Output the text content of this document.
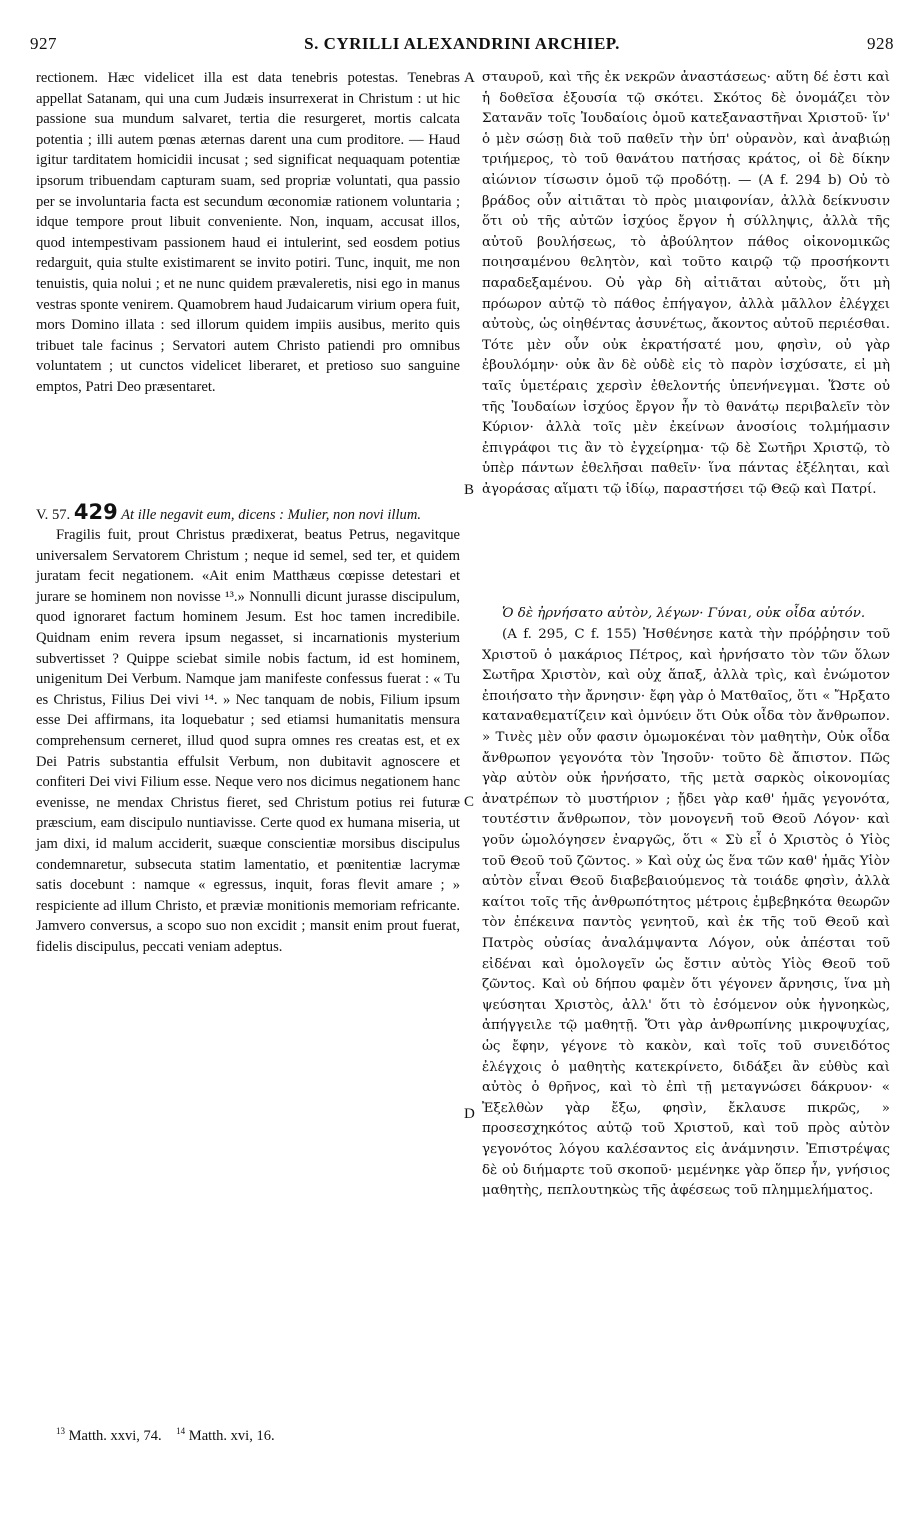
927	S. CYRILLI ALEXANDRINI ARCHIEP.	928
A
B
C
D

rectionem. Hæc videlicet illa est data tenebris potestas. Tenebras appellat Satanam, qui una cum Judæis insurrexerat in Christum : ut hic passione sua mundum salvaret, tertia die resurgeret, mortis calcata potentia ; illi autem pœnas æternas darent una cum proditore. — Haud igitur tarditatem homicidii incusat ; sed significat nequaquam potentiæ ipsorum tribuendam capturam suam, sed propriæ voluntati, qua passio per se involuntaria facta est secundum œconomiæ rationem voluntaria ; idque tempore prout libuit conveniente. Non, inquam, accusat illos, quod intempestivam passionem haud ei intulerint, sed eosdem potius redarguit, quia stulte existimarent se invito potiri. Tunc, inquit, me non tenuistis, quia nolui ; et ne nunc quidem prævaleretis, nisi ego in manus vestras sponte venirem. Quamobrem haud Judaicarum virium opera fuit, mors Domino illata : sed illorum quidem impiis ausibus, merito quis tribuet tale facinus ; Servatori autem Christo patiendi pro omnibus voluntatem ; ut cunctos videlicet liberaret, et pretioso suo sanguine emptos, Patri Deo præsentaret.

V. 57. 429 At ille negavit eum, dicens : Mulier, non novi illum.

Fragilis fuit, prout Christus prædixerat, beatus Petrus, negavitque universalem Servatorem Christum ; neque id semel, sed ter, et quidem juratam fecit negationem. «Ait enim Matthæus cœpisse detestari et jurare se hominem non novisse ¹³.» Nonnulli dicunt jurasse discipulum, quod ignoraret factum hominem Jesum. Est hoc tamen incredibile. Quidnam enim revera ipsum negasset, si incarnationis mysterium subvertisset ? Quippe sciebat simile nobis factum, id est hominem, unigenitum Dei Verbum. Namque jam manifeste confessus fuerat : « Tu es Christus, Filius Dei vivi ¹⁴. » Nec tanquam de nobis, Filium ipsum esse Dei affirmans, ita loquebatur ; sed etiamsi humanitatis mensura comprehensum cerneret, illud quod supra omnes res creatas est, et ex Dei Patris substantia effulsit Verbum, non dubitavit agnoscere et confiteri Dei vivi Filium esse. Neque vero nos dicimus negationem hanc evenisse, ne mendax Christus fieret, sed Christum potius rei futuræ præscium, eam discipulo nuntiavisse. Certe quod ex humana miseria, ut jam dixi, id malum acciderit, suæque conscientiæ morsibus discipulus condemnaretur, subsecuta statim lamentatio, et pœnitentiæ lacrymæ satis docebunt : namque « egressus, inquit, foras flevit amare ; » respiciente ad illum Christo, et præviæ monitionis memoriam refricante. Jamvero conversus, a scopo suo non excidit ; mansit enim prout fuerat, fidelis discipulus, peccati veniam adeptus.

σταυροῦ, καὶ τῆς ἐκ νεκρῶν ἀναστάσεως· αὕτη δέ ἐστι καὶ ἡ δοθεῖσα ἐξουσία τῷ σκότει. Σκότος δὲ ὀνομάζει τὸν Σατανᾶν τοῖς Ἰουδαίοις ὁμοῦ κατεξαναστῆναι Χριστοῦ· ἵν' ὁ μὲν σώσῃ διὰ τοῦ παθεῖν τὴν ὑπ' οὐρανὸν, καὶ ἀναβιώῃ τριήμερος, τὸ τοῦ θανάτου πατήσας κράτος, οἱ δὲ δίκην αἰώνιον τίσωσιν ὁμοῦ τῷ προδότῃ. — (A f. 294 b) Οὐ τὸ βράδος οὖν αἰτιᾶται τὸ πρὸς μιαιφονίαν, ἀλλὰ δείκνυσιν ὅτι οὐ τῆς αὐτῶν ἰσχύος ἔργον ἡ σύλληψις, ἀλλὰ τῆς αὐτοῦ βουλήσεως, τὸ ἀβούλητον πάθος οἰκονομικῶς ποιησαμένου θελητὸν, καὶ τοῦτο καιρῷ τῷ προσήκοντι παραδεξαμένου. Οὐ γὰρ δὴ αἰτιᾶται αὐτοὺς, ὅτι μὴ πρόωρον αὐτῷ τὸ πάθος ἐπήγαγον, ἀλλὰ μᾶλλον ἐλέγχει αὐτοὺς, ὡς οἰηθέντας ἀσυνέτως, ἄκοντος αὐτοῦ περιέσθαι. Τότε μὲν οὖν οὐκ ἐκρατήσατέ μου, φησὶν, οὐ γὰρ ἐβουλόμην· οὐκ ἂν δὲ οὐδὲ εἰς τὸ παρὸν ἰσχύσατε, εἰ μὴ ταῖς ὑμετέραις χερσὶν ἐθελοντής ὑπενήνεγμαι. Ὥστε οὐ τῆς Ἰουδαίων ἰσχύος ἔργον ἦν τὸ θανάτῳ περιβαλεῖν τὸν Κύριον· ἀλλὰ τοῖς μὲν ἐκείνων ἀνοσίοις τολμήμασιν ἐπιγράφοι τις ἂν τὸ ἐγχείρημα· τῷ δὲ Σωτῆρι Χριστῷ, τὸ ὑπὲρ πάντων ἐθελῆσαι παθεῖν· ἵνα πάντας ἐξέληται, καὶ ἀγοράσας αἵματι τῷ ἰδίῳ, παραστήσει τῷ Θεῷ καὶ Πατρί.

Ὁ δὲ ἠρνήσατο αὐτὸν, λέγων· Γύναι, οὐκ οἶδα αὐτόν.

(A f. 295, C f. 155) Ἠσθένησε κατὰ τὴν πρόῤῥησιν τοῦ Χριστοῦ ὁ μακάριος Πέτρος, καὶ ἠρνήσατο τὸν τῶν ὅλων Σωτῆρα Χριστὸν, καὶ οὐχ ἅπαξ, ἀλλὰ τρὶς, καὶ ἐνώμοτον ἐποιήσατο τὴν ἄρνησιν· ἔφη γὰρ ὁ Ματθαῖος, ὅτι « Ἤρξατο καταναθεματίζειν καὶ ὀμνύειν ὅτι Οὐκ οἶδα τὸν ἄνθρωπον. » Τινὲς μὲν οὖν φασιν ὀμωμοκέναι τὸν μαθητὴν, Οὐκ οἶδα ἄνθρωπον γεγονότα τὸν Ἰησοῦν· τοῦτο δὲ ἄπιστον. Πῶς γὰρ αὐτὸν οὐκ ἠρνήσατο, τῆς μετὰ σαρκὸς οἰκονομίας ἀνατρέπων τὸ μυστήριον ; ᾔδει γὰρ καθ' ἡμᾶς γεγονότα, τουτέστιν ἄνθρωπον, τὸν μονογενῆ τοῦ Θεοῦ Λόγον· καὶ γοῦν ὡμολόγησεν ἐναργῶς, ὅτι « Σὺ εἶ ὁ Χριστὸς ὁ Υἱὸς τοῦ Θεοῦ τοῦ ζῶντος. » Καὶ οὐχ ὡς ἕνα τῶν καθ' ἡμᾶς Υἱὸν αὐτὸν εἶναι Θεοῦ διαβεβαιούμενος τὰ τοιάδε φησὶν, ἀλλὰ καίτοι τοῖς τῆς ἀνθρωπότητος μέτροις ἐμβεβηκότα θεωρῶν τὸν ἐπέκεινα παντὸς γενητοῦ, καὶ ἐκ τῆς τοῦ Θεοῦ καὶ Πατρὸς οὐσίας ἀναλάμψαντα Λόγον, οὐκ ἀπέσται τοῦ εἰδέναι καὶ ὁμολογεῖν ὡς ἔστιν αὐτὸς Υἱὸς Θεοῦ τοῦ ζῶντος. Καὶ οὐ δήπου φαμὲν ὅτι γέγονεν ἄρνησις, ἵνα μὴ ψεύσηται Χριστὸς, ἀλλ' ὅτι τὸ ἐσόμενον οὐκ ἠγνοηκὼς, ἀπήγγειλε τῷ μαθητῇ. Ὅτι γὰρ ἀνθρωπίνης μικροψυχίας, ὡς ἔφην, γέγονε τὸ κακὸν, καὶ τοῖς τοῦ συνειδότος ἐλέγχοις ὁ μαθητὴς κατεκρίνετο, διδάξει ἂν εὐθὺς καὶ αὐτὸς ὁ θρῆνος, καὶ τὸ ἐπὶ τῇ μεταγνώσει δάκρυον· « Ἐξελθὼν γὰρ ἔξω, φησὶν, ἔκλαυσε πικρῶς, » προσεσχηκότος αὐτῷ τοῦ Χριστοῦ, καὶ τοῦ πρὸς αὐτὸν γεγονότος λόγου καλέσαντος εἰς ἀνάμνησιν. Ἐπιστρέψας δὲ οὐ διήμαρτε τοῦ σκοποῦ· μεμένηκε γὰρ ὅπερ ἦν, γνήσιος μαθητὴς, πεπλουτηκὼς τῆς ἀφέσεως τοῦ πλημμελήματος.

$^{13}$ Matth. xxvi, 74. $^{14}$ Matth. xvi, 16.
